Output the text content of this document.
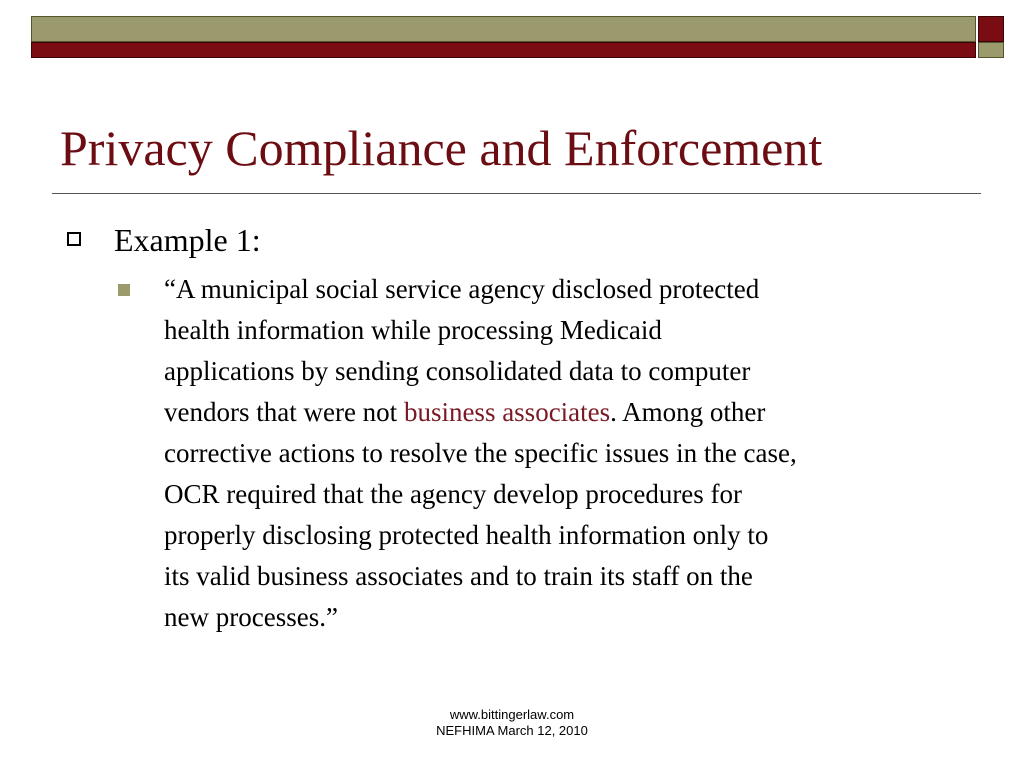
Privacy Compliance and Enforcement
Example 1:
“A municipal social service agency disclosed protected
health information while processing Medicaid
applications by sending consolidated data to computer
vendors that were not business associates. Among other
corrective actions to resolve the specific issues in the case,
OCR required that the agency develop procedures for
properly disclosing protected health information only to
its valid business associates and to train its staff on the
new processes.”
www.bittingerlaw.com
NEFHIMA March 12, 2010
